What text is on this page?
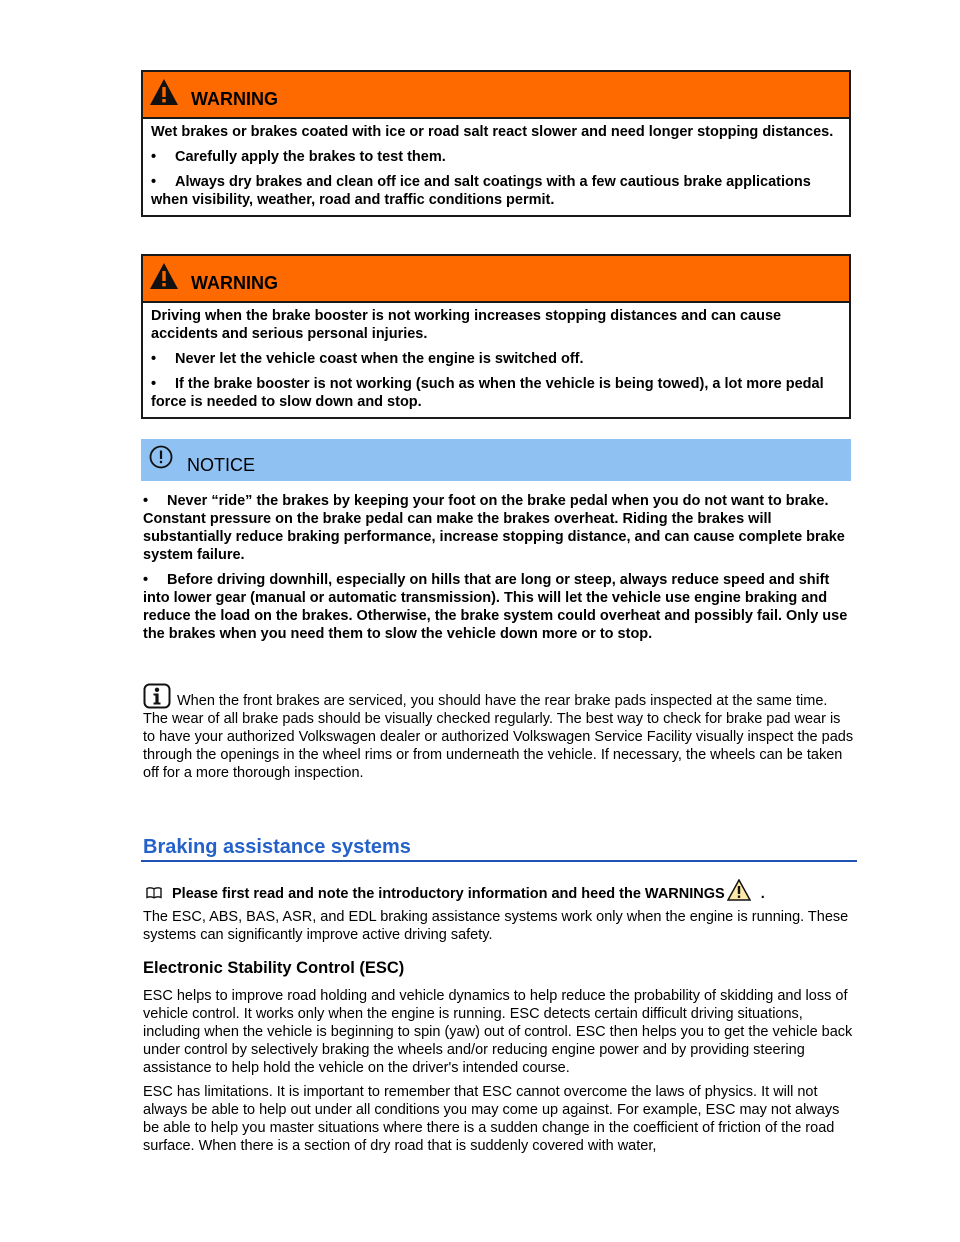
WARNING

Wet brakes or brakes coated with ice or road salt react slower and need longer stopping distances.

• Carefully apply the brakes to test them.

• Always dry brakes and clean off ice and salt coatings with a few cautious brake applications when visibility, weather, road and traffic conditions permit.

WARNING

Driving when the brake booster is not working increases stopping distances and can cause accidents and serious personal injuries.

• Never let the vehicle coast when the engine is switched off.

• If the brake booster is not working (such as when the vehicle is being towed), a lot more pedal force is needed to slow down and stop.

NOTICE

• Never “ride” the brakes by keeping your foot on the brake pedal when you do not want to brake. Constant pressure on the brake pedal can make the brakes overheat. Riding the brakes will substantially reduce braking performance, increase stopping distance, and can cause complete brake system failure.

• Before driving downhill, especially on hills that are long or steep, always reduce speed and shift into lower gear (manual or automatic transmission). This will let the vehicle use engine braking and reduce the load on the brakes. Otherwise, the brake system could overheat and possibly fail. Only use the brakes when you need them to slow the vehicle down more or to stop.

When the front brakes are serviced, you should have the rear brake pads inspected at the same time. The wear of all brake pads should be visually checked regularly. The best way to check for brake pad wear is to have your authorized Volkswagen dealer or authorized Volkswagen Service Facility visually inspect the pads through the openings in the wheel rims or from underneath the vehicle. If necessary, the wheels can be taken off for a more thorough inspection.
Braking assistance systems
Please first read and note the introductory information and heed the WARNINGS .

The ESC, ABS, BAS, ASR, and EDL braking assistance systems work only when the engine is running. These systems can significantly improve active driving safety.

Electronic Stability Control (ESC)

ESC helps to improve road holding and vehicle dynamics to help reduce the probability of skidding and loss of vehicle control. It works only when the engine is running. ESC detects certain difficult driving situations, including when the vehicle is beginning to spin (yaw) out of control. ESC then helps you to get the vehicle back under control by selectively braking the wheels and/or reducing engine power and by providing steering assistance to help hold the vehicle on the driver's intended course.

ESC has limitations. It is important to remember that ESC cannot overcome the laws of physics. It will not always be able to help out under all conditions you may come up against. For example, ESC may not always be able to help you master situations where there is a sudden change in the coefficient of friction of the road surface. When there is a section of dry road that is suddenly covered with water,
